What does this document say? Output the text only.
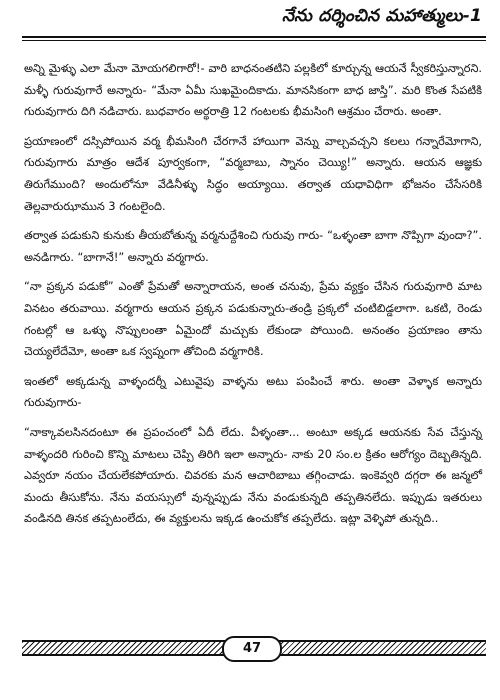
నేను దర్శించిన మహాత్ములు-1

అన్ని మైళ్ళు ఎలా మేనా మోయగలిగారో!- వారి బాధనంతటిని పల్లకిలో కూర్చున్న ఆయనే స్వీకరిస్తున్నారని. మళ్ళీ గురువుగారే అన్నారు- “మేనా ఏమీ సుఖమైందికాదు. మానసికంగా బాధ జాస్తి”. మరి కొంత సేపటికి గురువుగారు దిగి నడిచారు. బుధవారం అర్థరాత్రి 12 గంటలకు భీమసింగి ఆశ్రమం చేరారు. అంతా.

ప్రయాణంలో దస్సిపోయిన వర్మ భీమసింగి చేరగానే హాయిగా వెన్ను వాల్చవచ్చని కలలు గన్నారేమోగాని, గురువుగారు మాత్రం ఆదేశ పూర్వకంగా, “వర్మబాబు, స్నానం చెయ్యి!” అన్నారు. ఆయన ఆజ్ఞకు తిరుగేముంది? అందులోనూ వేడినీళ్ళు సిద్ధం అయ్యాయి. తర్వాత యధావిధిగా భోజనం చేసేసరికి తెల్లవారుఝామున 3 గంటలైంది.

తర్వాత పడుకుని కునుకు తీయబోతున్న వర్మనుద్దేశించి గురువు గారు- “ఒళ్ళంతా బాగా నొప్పిగా వుందా?”. అనడిగారు. “బాగానే!” అన్నారు వర్మగారు.

“నా ప్రక్కన పడుకో” ఎంతో ప్రేమతో అన్నారాయన, అంత చనువు, ప్రేమ వ్యక్తం చేసిన గురువుగారి మాట వినటం తరువాయి. వర్మగారు ఆయన ప్రక్కన పడుకున్నారు-తండ్రి ప్రక్కలో చంటిబిడ్డలాగా. ఒకటి, రెండు గంటల్లో ఆ ఒళ్ళు నొప్పులంతా ఏమైందో మచ్చుకు లేకుండా పోయింది. అనంతం ప్రయాణం తాను చెయ్యలేదేమో, అంతా ఒక స్వప్నంగా తోచింది వర్మగారికి.

ఇంతలో అక్కడున్న వాళ్ళందర్నీ ఎటువైపు వాళ్ళను అటు పంపించే శారు. అంతా వెళ్ళాక అన్నారు గురువుగారు-

“నాక్కావలసినదంటూ ఈ ప్రపంచంలో ఏదీ లేదు. వీళ్ళంతా... అంటూ అక్కడ ఆయనకు సేవ చేస్తున్న వాళ్ళందరి గురించి కొన్ని మాటలు చెప్పి తిరిగి ఇలా అన్నారు- నాకు 20 సం.ల క్రితం ఆరోగ్యం దెబ్బతిన్నది. ఎవ్వరూ నయం చేయలేకపోయారు. చివరకు మన ఆచారిబాబు తగ్గించాడు. ఇంకెవ్వరి దగ్గరా ఈ జన్మలో మందు తీసుకోను. నేను వయస్సులో వున్నప్పుడు నేను వండుకున్నది తప్పతినలేదు. ఇప్పుడు ఇతరులు వండినది తినక తప్పటంలేదు, ఈ వ్యక్తులను ఇక్కడ ఉంచుకోక తప్పలేదు. ఇట్లా వెళ్ళిపో తున్నది..

47
